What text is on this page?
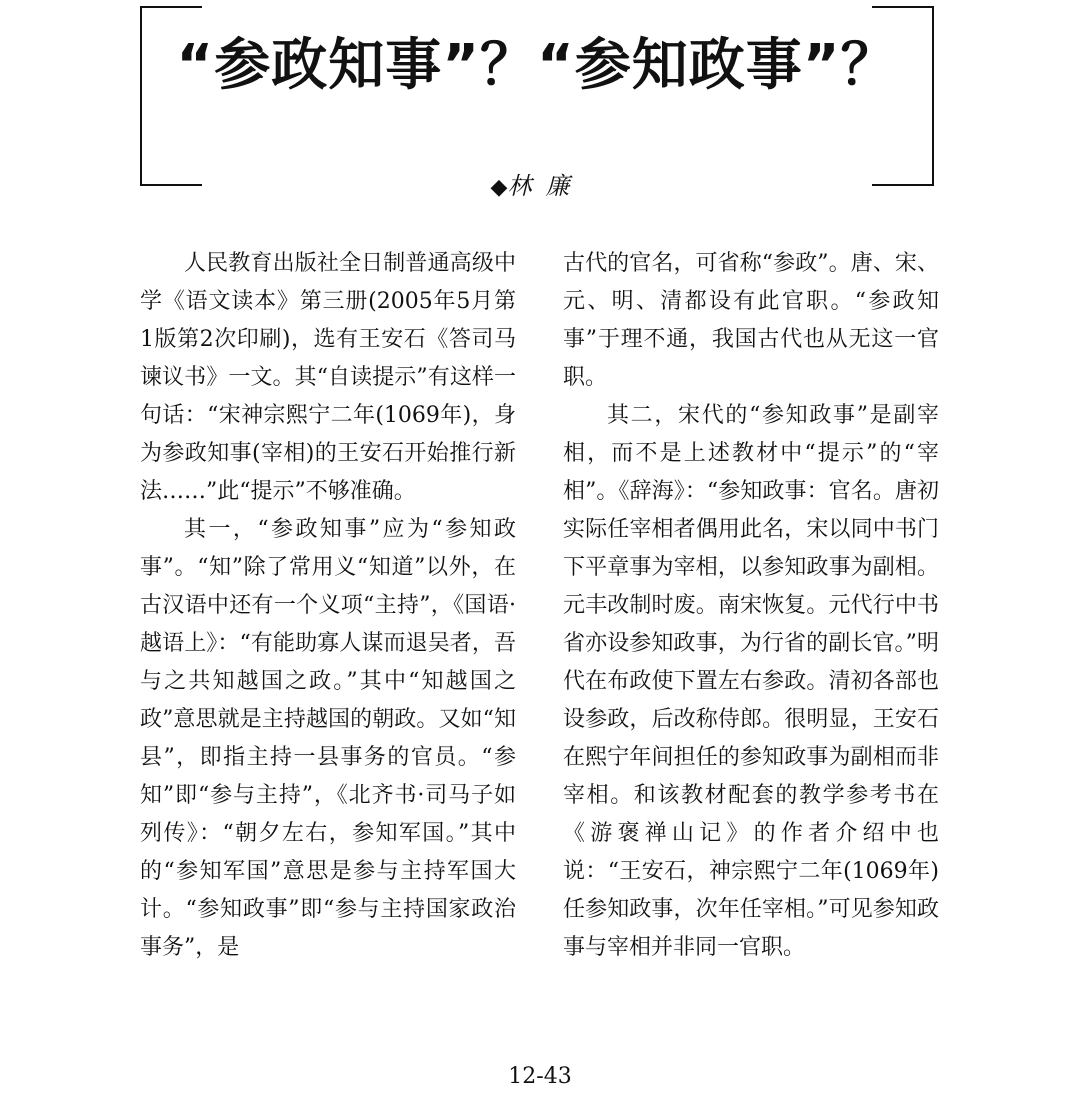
“参政知事”？“参知政事”？
◆林廉

人民教育出版社全日制普通高级中学《语文读本》第三册(2005年5月第1版第2次印刷)，选有王安石《答司马谏议书》一文。其“自读提示”有这样一句话：“宋神宗熙宁二年(1069年)，身为参政知事(宰相)的王安石开始推行新法……”此“提示”不够准确。

其一，“参政知事”应为“参知政事”。“知”除了常用义“知道”以外，在古汉语中还有一个义项“主持”，《国语·越语上》：“有能助寡人谋而退吴者，吾与之共知越国之政。”其中“知越国之政”意思就是主持越国的朝政。又如“知县”，即指主持一县事务的官员。“参知”即“参与主持”，《北齐书·司马子如列传》：“朝夕左右，参知军国。”其中的“参知军国”意思是参与主持军国大计。“参知政事”即“参与主持国家政治事务”，是

古代的官名，可省称“参政”。唐、宋、元、明、清都设有此官职。“参政知事”于理不通，我国古代也从无这一官职。

其二，宋代的“参知政事”是副宰相，而不是上述教材中“提示”的“宰相”。《辞海》：“参知政事：官名。唐初实际任宰相者偶用此名，宋以同中书门下平章事为宰相，以参知政事为副相。元丰改制时废。南宋恢复。元代行中书省亦设参知政事，为行省的副长官。”明代在布政使下置左右参政。清初各部也设参政，后改称侍郎。很明显，王安石在熙宁年间担任的参知政事为副相而非宰相。和该教材配套的教学参考书在《游褒禅山记》的作者介绍中也说：“王安石，神宗熙宁二年(1069年)任参知政事，次年任宰相。”可见参知政事与宰相并非同一官职。

12-43
